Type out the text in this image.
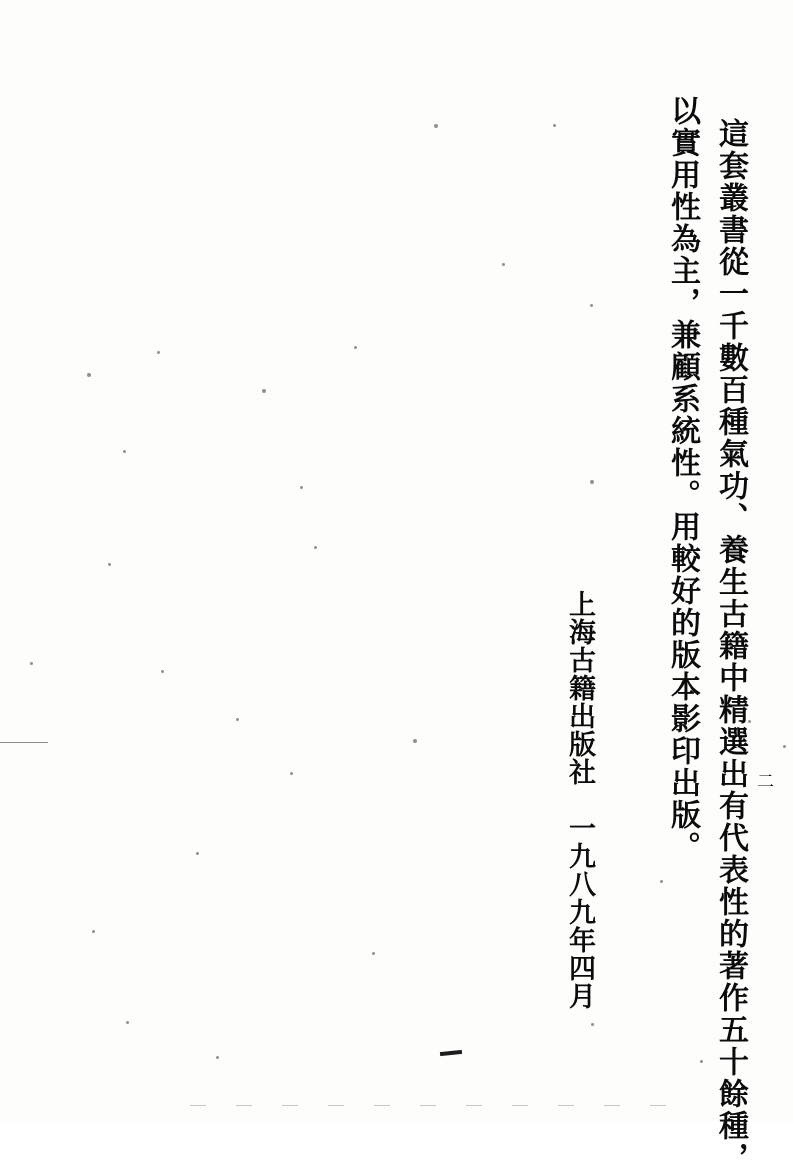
這套叢書從一千數百種氣功、養生古籍中精選出有代表性的著作五十餘種，
以實用性為主，兼顧系統性。用較好的版本影印出版。
上海古籍出版社　一九八九年四月	二
